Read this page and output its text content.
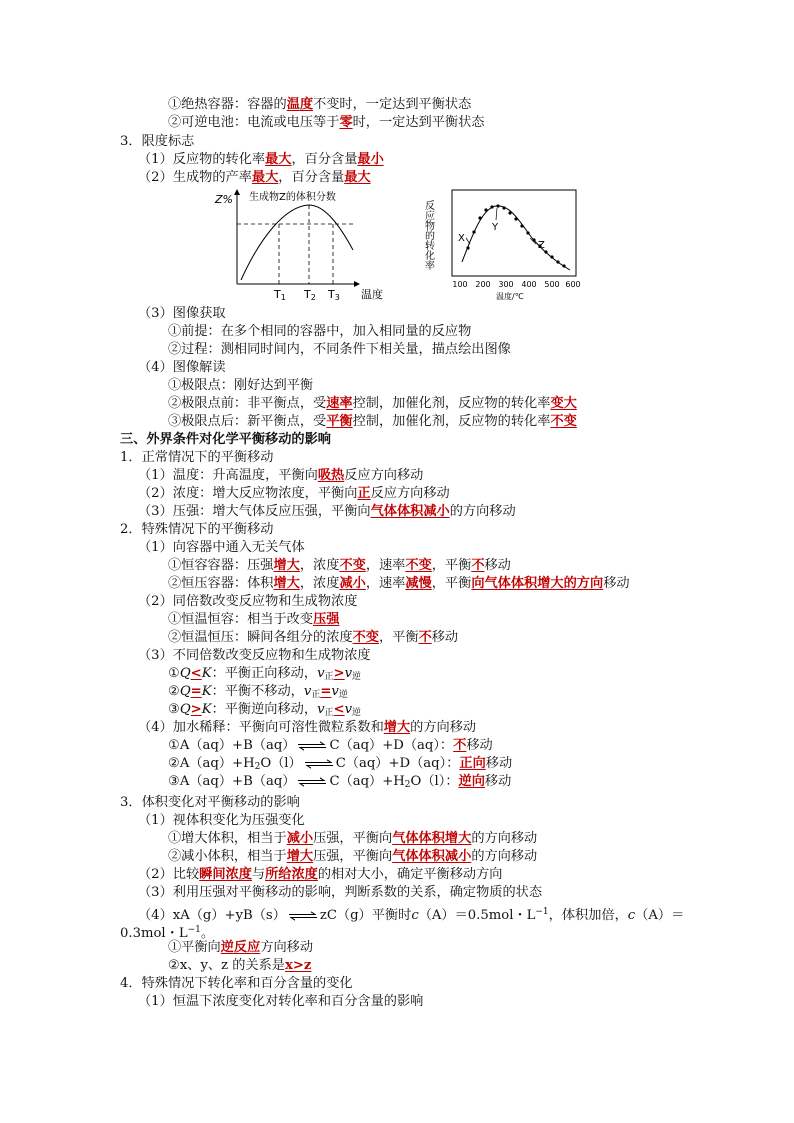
①绝热容器：容器的温度不变时，一定达到平衡状态
②可逆电池：电流或电压等于零时，一定达到平衡状态
3．限度标志
（1）反应物的转化率最大，百分含量最小
（2）生成物的产率最大，百分含量最大
Z% 生成物Z的体积分数
T1 T2 T3 温度
反应物的转化率 X
Y
Z
100 200 300 400 500 600
温度/℃
（3）图像获取
①前提：在多个相同的容器中，加入相同量的反应物
②过程：测相同时间内，不同条件下相关量，描点绘出图像
（4）图像解读
①极限点：刚好达到平衡
②极限点前：非平衡点，受速率控制，加催化剂，反应物的转化率变大
③极限点后：新平衡点，受平衡控制，加催化剂，反应物的转化率不变
三、外界条件对化学平衡移动的影响
1．正常情况下的平衡移动
（1）温度：升高温度，平衡向吸热反应方向移动
（2）浓度：增大反应物浓度，平衡向正反应方向移动
（3）压强：增大气体反应压强，平衡向气体体积减小的方向移动
2．特殊情况下的平衡移动
（1）向容器中通入无关气体
①恒容容器：压强增大，浓度不变，速率不变，平衡不移动
②恒压容器：体积增大，浓度减小，速率减慢，平衡向气体体积增大的方向移动
（2）同倍数改变反应物和生成物浓度
①恒温恒容：相当于改变压强
②恒温恒压：瞬间各组分的浓度不变，平衡不移动
（3）不同倍数改变反应物和生成物浓度
①Q<K：平衡正向移动，$v_正>v_逆$
②Q=K：平衡不移动，$v_正=v_逆$
③Q>K：平衡逆向移动，$v_正<v_逆$
（4）加水稀释：平衡向可溶性微粒系数和增大的方向移动
①A（aq）+B（aq） ⇌ C（aq）+D（aq）：不移动
$②A(aq)+H_2O(l)$ ⇌ C（aq）+D（aq）：正向移动
③A（aq）+B（aq） ⇌ $C(aq)+H_2O(l)$：逆向移动
3．体积变化对平衡移动的影响
（1）视体积变化为压强变化
①增大体积，相当于减小压强，平衡向气体体积增大的方向移动
②减小体积，相当于增大压强，平衡向气体体积减小的方向移动
（2）比较瞬间浓度与所给浓度的相对大小，确定平衡移动方向
（3）利用压强对平衡移动的影响，判断系数的关系，确定物质的状态
（4）xA（g）+yB（s） ⇌ zC（g）平衡时c（A）＝0.5mol・$L^{-1}$，体积加倍，c（A）＝
0.3mol・$L^{-1}$。
①平衡向逆反应方向移动
②x、y、z 的关系是x>z
4．特殊情况下转化率和百分含量的变化
（1）恒温下浓度变化对转化率和百分含量的影响
